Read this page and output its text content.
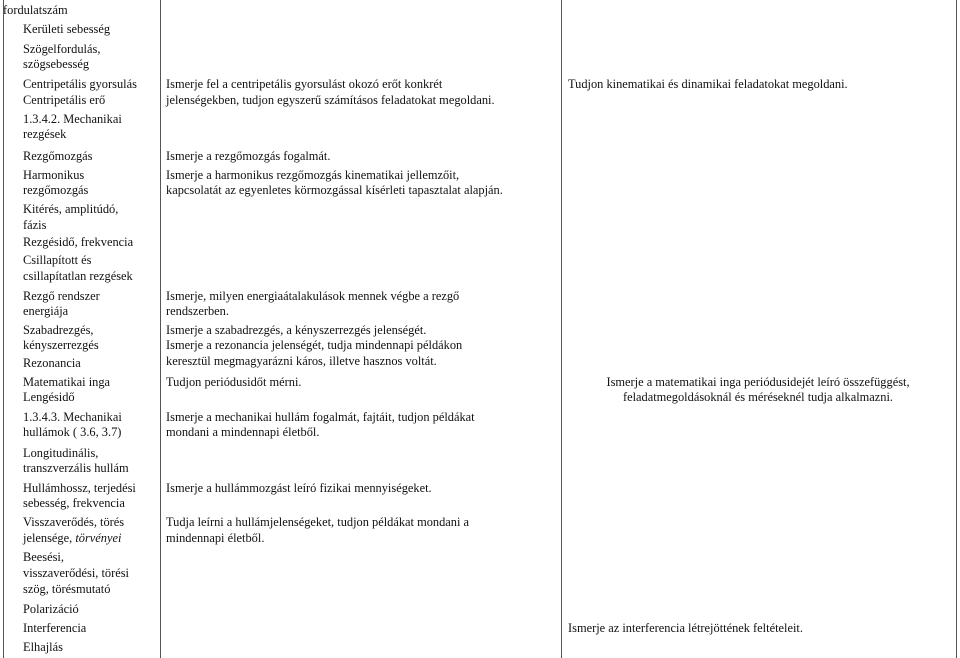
fordulatszám
Kerületi sebesség
Szögelfordulás,
szögsebesség
Centripetális gyorsulás
Centripetális erő
1.3.4.2. Mechanikai
rezgések
Rezgőmozgás
Harmonikus
rezgőmozgás
Kitérés, amplitúdó,
fázis
Rezgésidő, frekvencia
Csillapított és
csillapítatlan rezgések
Rezgő rendszer
energiája
Szabadrezgés,
kényszerrezgés
Rezonancia
Matematikai inga
Lengésidő
1.3.4.3. Mechanikai
hullámok ( 3.6, 3.7)
Longitudinális,
transzverzális hullám
Hullámhossz, terjedési
sebesség, frekvencia
Visszaverődés, törés
jelensége, törvényei
Beesési,
visszaverődési, törési
szög, törésmutató
Polarizáció
Interferencia
Elhajlás
Ismerje fel a centripetális gyorsulást okozó erőt konkrét
jelenségekben, tudjon egyszerű számításos feladatokat megoldani.
Ismerje a rezgőmozgás fogalmát.
Ismerje a harmonikus rezgőmozgás kinematikai jellemzőit,
kapcsolatát az egyenletes körmozgással kísérleti tapasztalat alapján.
Ismerje, milyen energiaátalakulások mennek végbe a rezgő
rendszerben.
Ismerje a szabadrezgés, a kényszerrezgés jelenségét.
Ismerje a rezonancia jelenségét, tudja mindennapi példákon
keresztül megmagyarázni káros, illetve hasznos voltát.
Tudjon periódusidőt mérni.
Ismerje a mechanikai hullám fogalmát, fajtáit, tudjon példákat
mondani a mindennapi életből.
Ismerje a hullámmozgást leíró fizikai mennyiségeket.
Tudja leírni a hullámjelenségeket, tudjon példákat mondani a
mindennapi életből.
Tudjon kinematikai és dinamikai feladatokat megoldani.
Ismerje a matematikai inga periódusidejét leíró összefüggést,
feladatmegoldásoknál és méréseknél tudja alkalmazni.
Ismerje az interferencia létrejöttének feltételeit.
